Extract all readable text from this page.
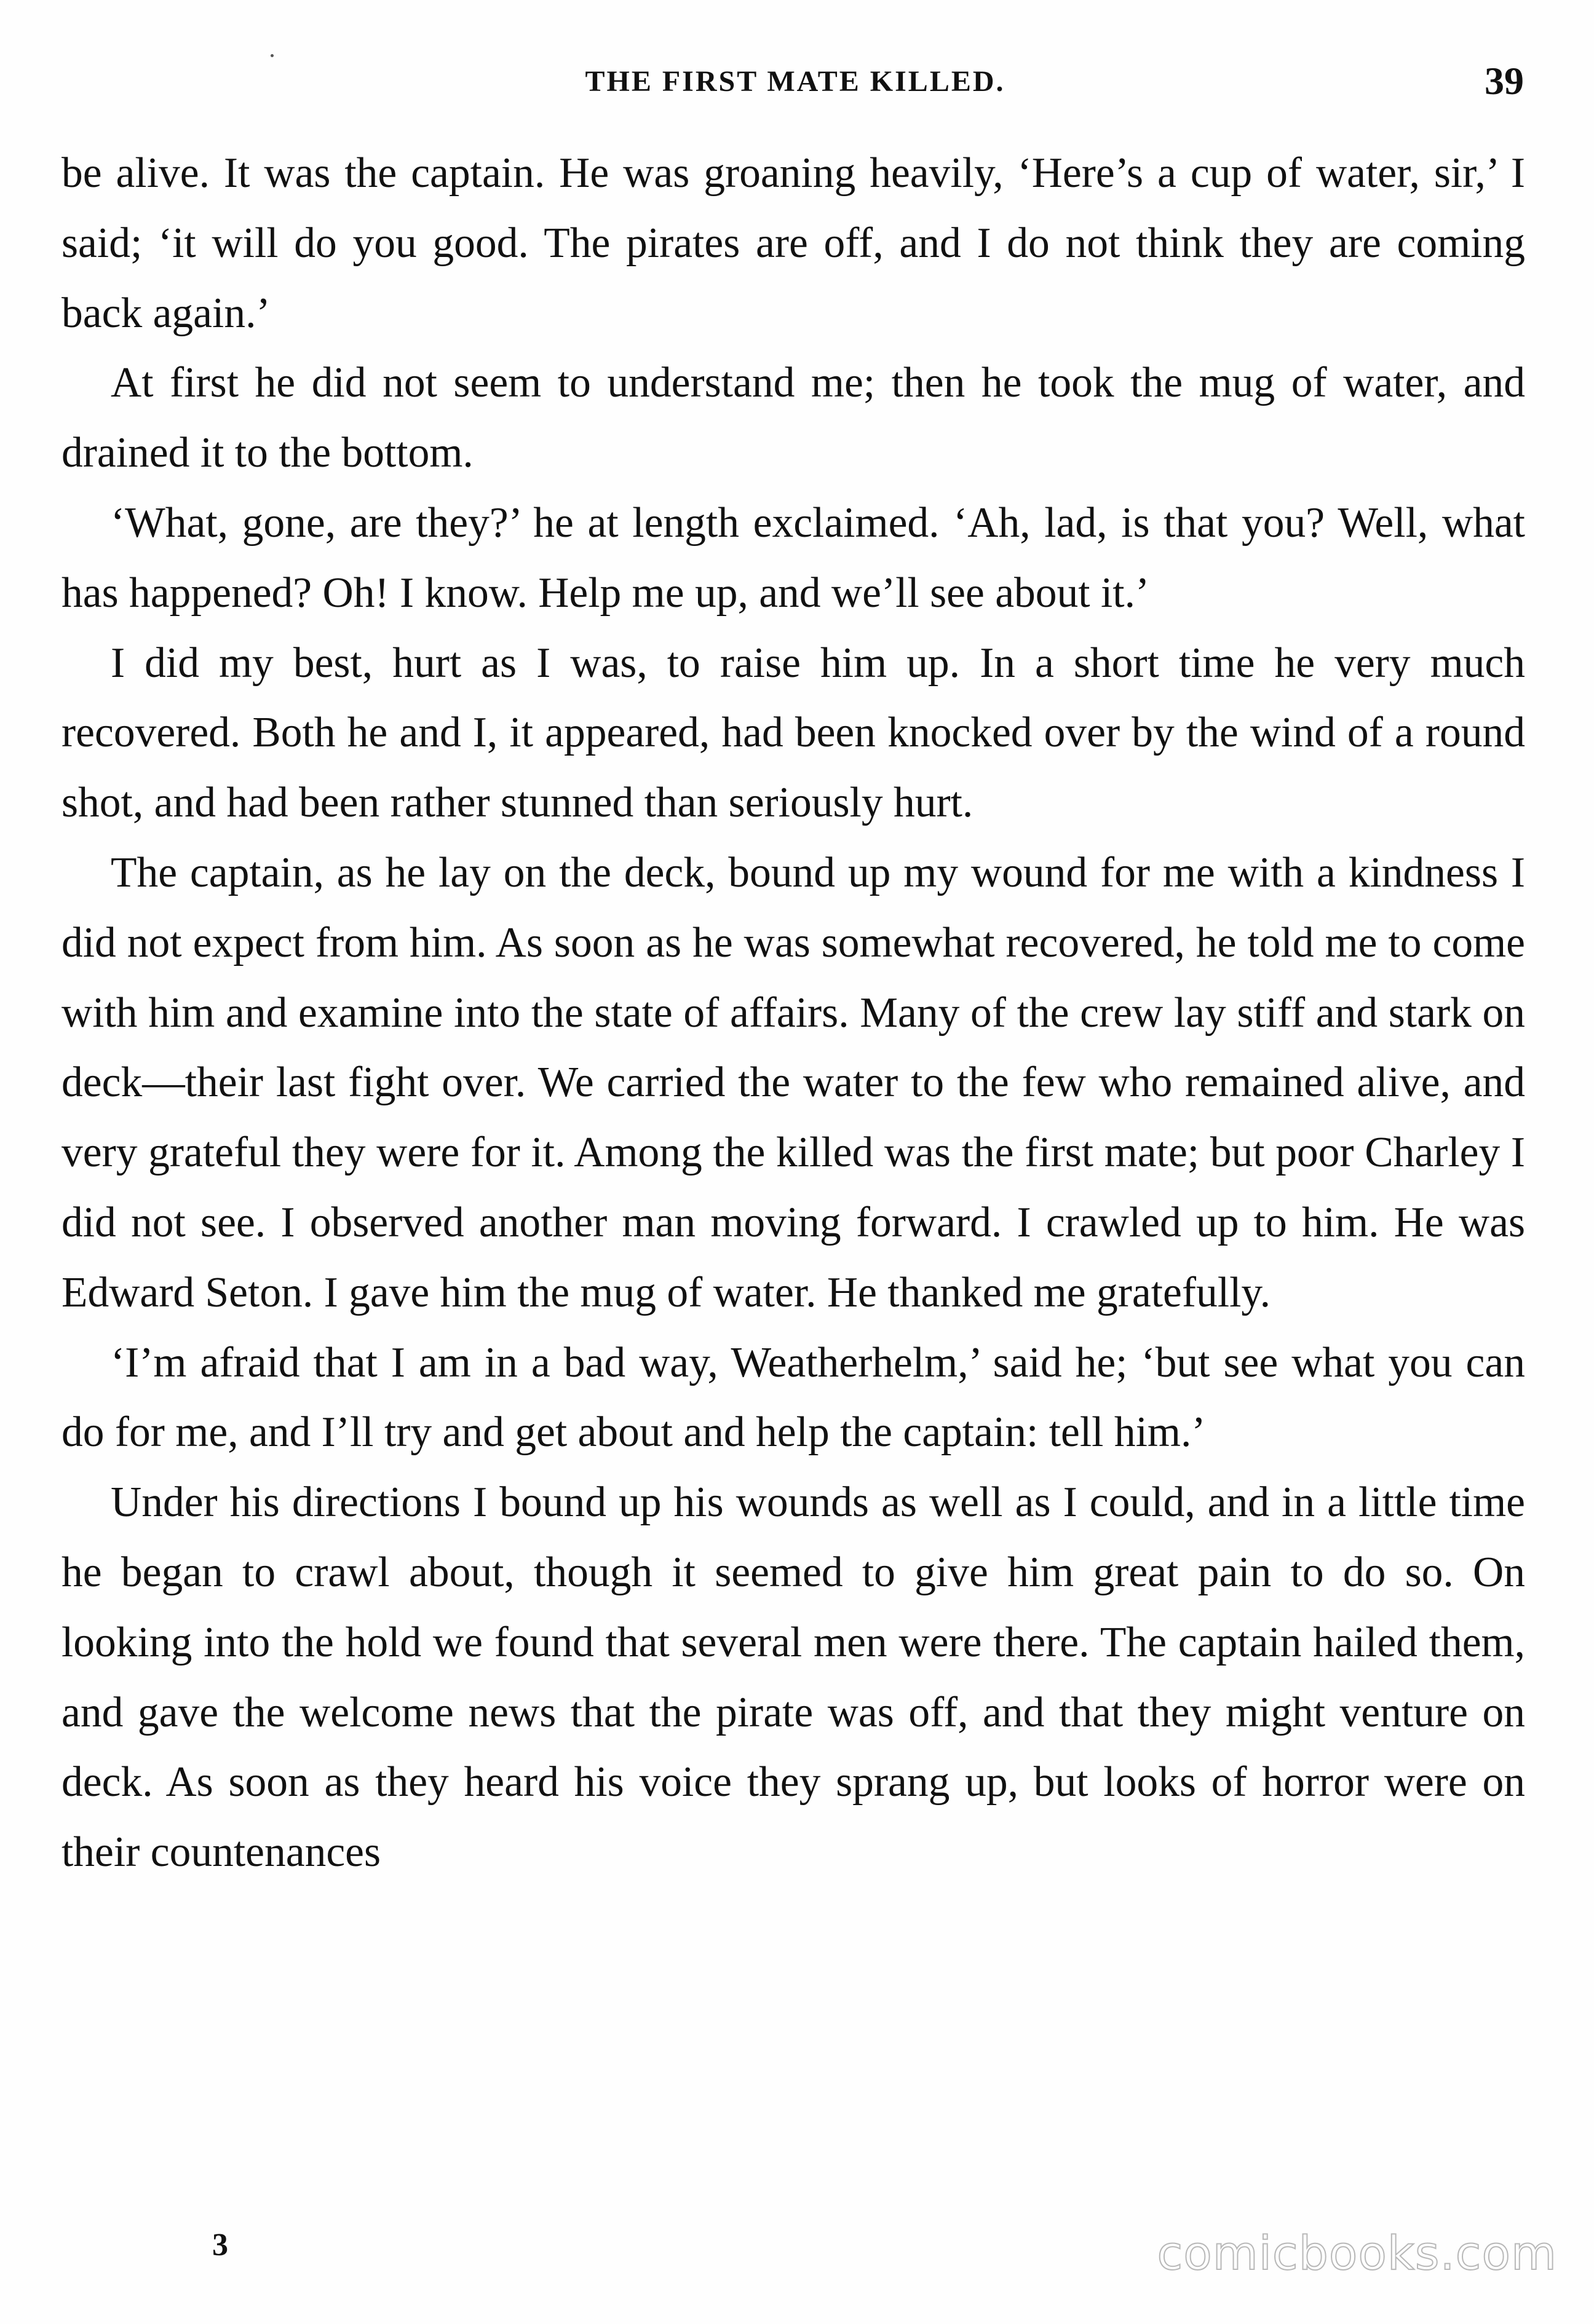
THE FIRST MATE KILLED.	39

be alive. It was the captain. He was groaning heavily, ‘Here’s a cup of water, sir,’ I said; ‘it will do you good. The pirates are off, and I do not think they are coming back again.’

At first he did not seem to understand me; then he took the mug of water, and drained it to the bottom.

‘What, gone, are they?’ he at length exclaimed. ‘Ah, lad, is that you? Well, what has happened? Oh! I know. Help me up, and we’ll see about it.’

I did my best, hurt as I was, to raise him up. In a short time he very much recovered. Both he and I, it appeared, had been knocked over by the wind of a round shot, and had been rather stunned than seriously hurt.

The captain, as he lay on the deck, bound up my wound for me with a kindness I did not expect from him. As soon as he was somewhat recovered, he told me to come with him and examine into the state of affairs. Many of the crew lay stiff and stark on deck—their last fight over. We carried the water to the few who remained alive, and very grateful they were for it. Among the killed was the first mate; but poor Charley I did not see. I observed another man moving forward. I crawled up to him. He was Edward Seton. I gave him the mug of water. He thanked me gratefully.

‘I’m afraid that I am in a bad way, Weatherhelm,’ said he; ‘but see what you can do for me, and I’ll try and get about and help the captain: tell him.’

Under his directions I bound up his wounds as well as I could, and in a little time he began to crawl about, though it seemed to give him great pain to do so. On looking into the hold we found that several men were there. The captain hailed them, and gave the welcome news that the pirate was off, and that they might venture on deck. As soon as they heard his voice they sprang up, but looks of horror were on their countenances

3	comicbooks.com
